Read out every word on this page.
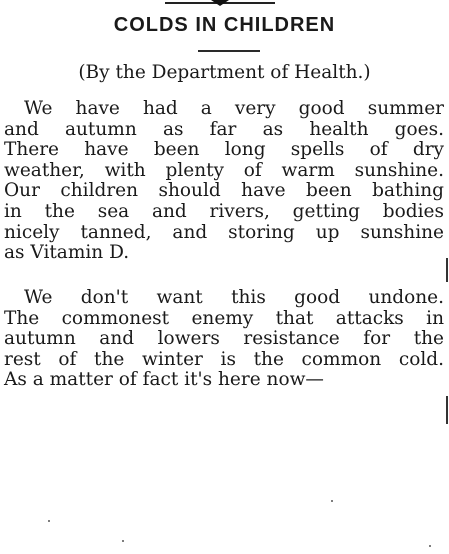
COLDS IN CHILDREN

(By the Department of Health.)

We have had a very good summer
and autumn as far as health goes.
There have been long spells of dry
weather, with plenty of warm sunshine.
Our children should have been bathing
in the sea and rivers, getting bodies
nicely tanned, and storing up sunshine
as Vitamin D.

We don't want this good undone.
The commonest enemy that attacks in
autumn and lowers resistance for the
rest of the winter is the common cold.
As a matter of fact it's here now—
